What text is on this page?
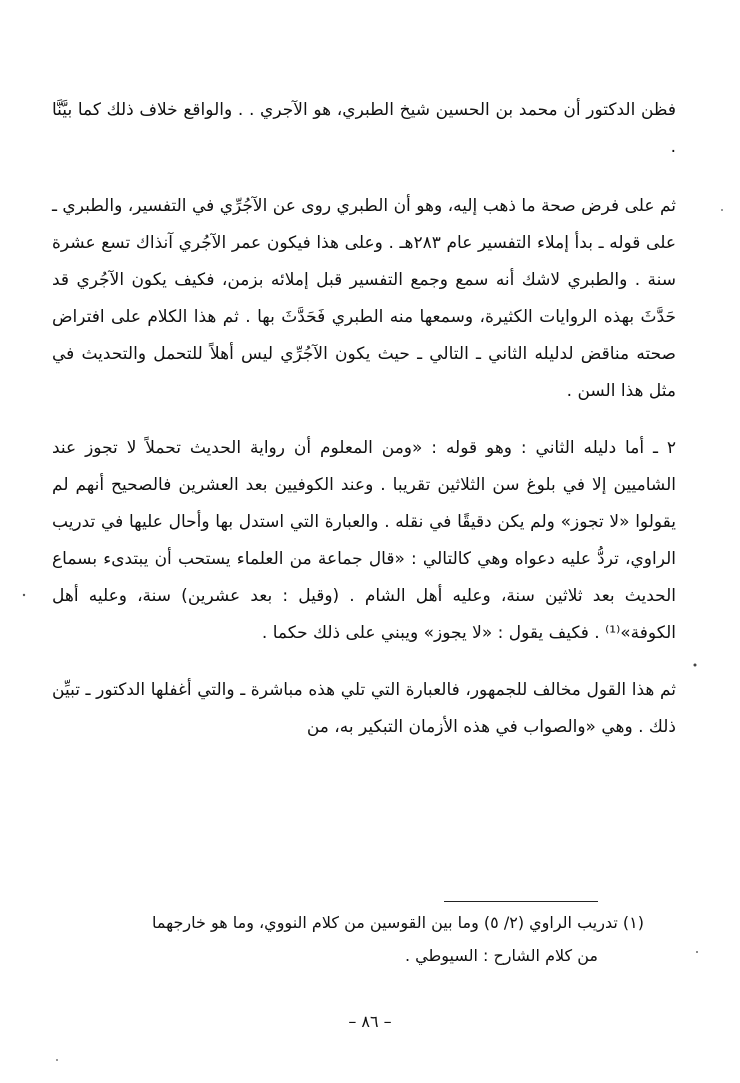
فظن الدكتور أن محمد بن الحسين شيخ الطبري، هو الآجري . . والواقع خلاف ذلك كما بيَّنَّا .

ثم على فرض صحة ما ذهب إليه، وهو أن الطبري روى عن الآجُرِّي في التفسير، والطبري ـ على قوله ـ بدأ إملاء التفسير عام ٢٨٣هـ . وعلى هذا فيكون عمر الآجُري آنذاك تسع عشرة سنة . والطبري لاشك أنه سمع وجمع التفسير قبل إملائه بزمن، فكيف يكون الآجُري قد حَدَّثَ بهذه الروايات الكثيرة، وسمعها منه الطبري فَحَدَّثَ بها . ثم هذا الكلام على افتراض صحته مناقض لدليله الثاني ـ التالي ـ حيث يكون الآجُرِّي ليس أهلاً للتحمل والتحديث في مثل هذا السن .

٢ ـ أما دليله الثاني : وهو قوله : «ومن المعلوم أن رواية الحديث تحملاً لا تجوز عند الشاميين إلا في بلوغ سن الثلاثين تقريبا . وعند الكوفيين بعد العشرين فالصحيح أنهم لم يقولوا «لا تجوز» ولم يكن دقيقًا في نقله . والعبارة التي استدل بها وأحال عليها في تدريب الراوي، تردُّ عليه دعواه وهي كالتالي : «قال جماعة من العلماء يستحب أن يبتدىء بسماع الحديث بعد ثلاثين سنة، وعليه أهل الشام . (وقيل : بعد عشرين) سنة، وعليه أهل الكوفة»⁽¹⁾ . فكيف يقول : «لا يجوز» ويبني على ذلك حكما .

ثم هذا القول مخالف للجمهور، فالعبارة التي تلي هذه مباشرة ـ والتي أغفلها الدكتور ـ تبيِّن ذلك . وهي «والصواب في هذه الأزمان التبكير به، من

(١) تدريب الراوي (٢/ ٥) وما بين القوسين من كلام النووي، وما هو خارجهما
من كلام الشارح : السيوطي .
– ٨٦ –
